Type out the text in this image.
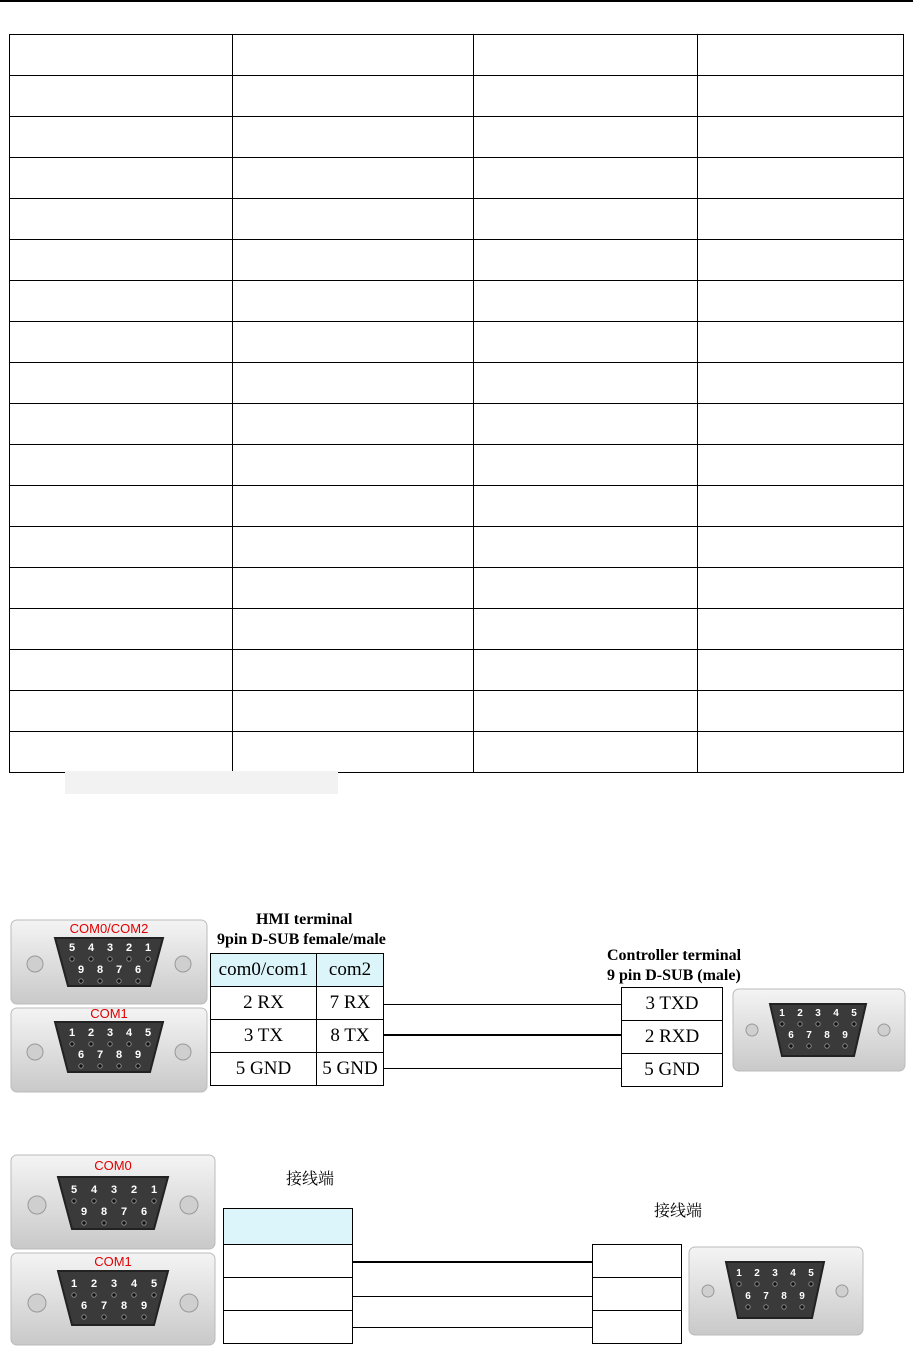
COM0/COM2
5 4 3 2 1
9 8 7 6
COM1
1 2 3 4 5
6 7 8 9
HMI terminal
9pin D-SUB female/male
com0/com1	com2
2 RX	7 RX
3 TX	8 TX
5 GND	5 GND
Controller terminal
9 pin D-SUB (male)
3 TXD
2 RXD
5 GND
1 2 3 4 5
6 7 8 9
COM0
5 4 3 2 1
9 8 7 6
COM1
1 2 3 4 5
6 7 8 9
接线端
接线端

1 2 3 4 5
6 7 8 9
